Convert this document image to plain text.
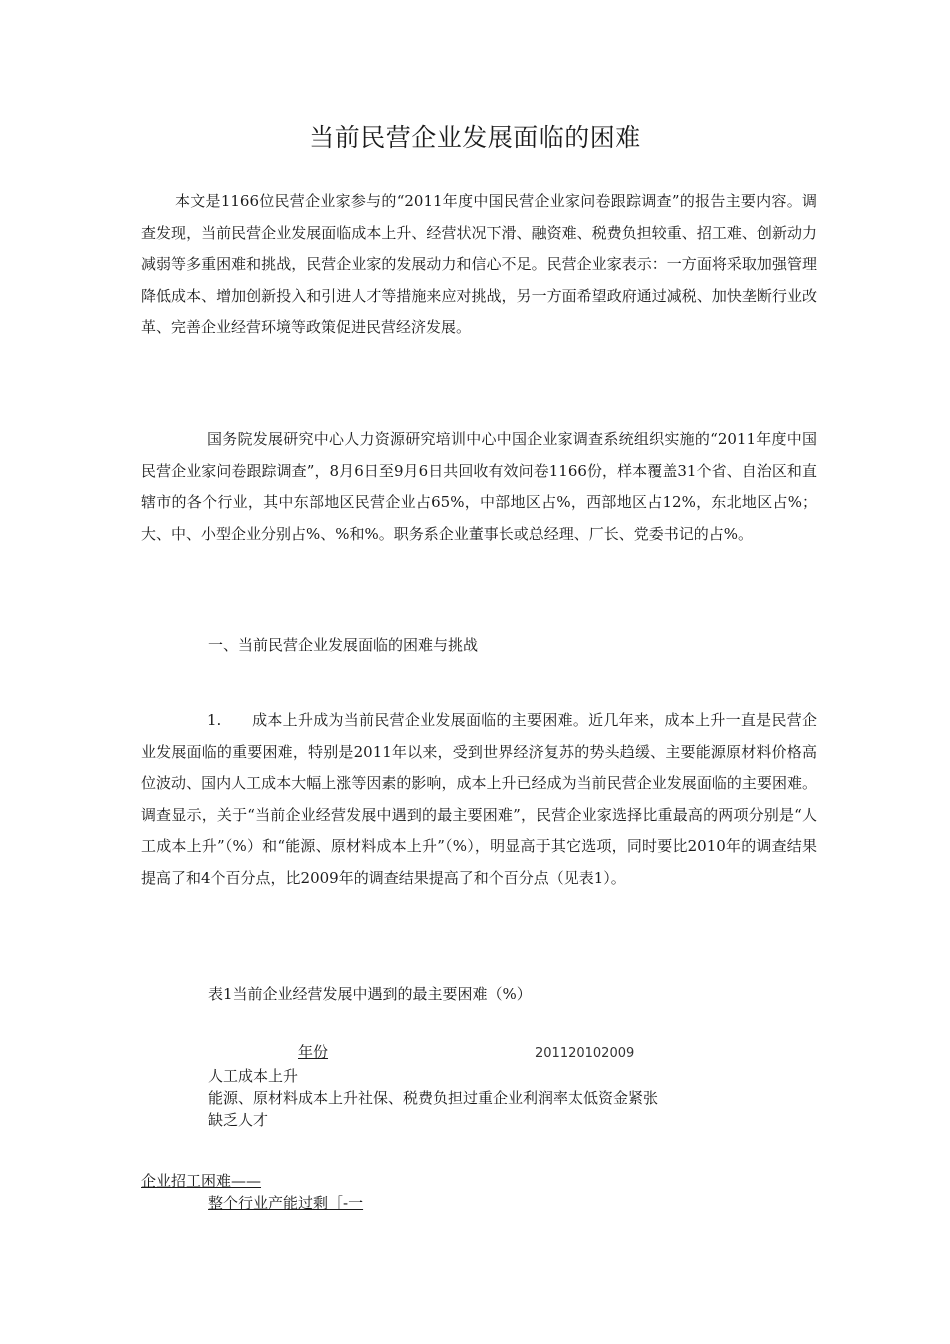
当前民营企业发展面临的困难
本文是1166位民营企业家参与的“2011年度中国民营企业家问卷跟踪调查”的报告主要内容。调查发现，当前民营企业发展面临成本上升、经营状况下滑、融资难、税费负担较重、招工难、创新动力减弱等多重困难和挑战，民营企业家的发展动力和信心不足。民营企业家表示：一方面将采取加强管理降低成本、增加创新投入和引进人才等措施来应对挑战，另一方面希望政府通过减税、加快垄断行业改革、完善企业经营环境等政策促进民营经济发展。
国务院发展研究中心人力资源研究培训中心中国企业家调查系统组织实施的“2011年度中国民营企业家问卷跟踪调查”，8月6日至9月6日共回收有效问卷1166份，样本覆盖31个省、自治区和直辖市的各个行业，其中东部地区民营企业占65%，中部地区占%，西部地区占12%，东北地区占%；大、中、小型企业分别占%、%和%。职务系企业董事长或总经理、厂长、党委书记的占%。
一、当前民营企业发展面临的困难与挑战
1.　　成本上升成为当前民营企业发展面临的主要困难。近几年来，成本上升一直是民营企业发展面临的重要困难，特别是2011年以来，受到世界经济复苏的势头趋缓、主要能源原材料价格高位波动、国内人工成本大幅上涨等因素的影响，成本上升已经成为当前民营企业发展面临的主要困难。调查显示，关于“当前企业经营发展中遇到的最主要困难”，民营企业家选择比重最高的两项分别是“人工成本上升”（%）和“能源、原材料成本上升”（%），明显高于其它选项，同时要比2010年的调查结果提高了和4个百分点，比2009年的调查结果提高了和个百分点（见表1）。
表1当前企业经营发展中遇到的最主要困难（%）
年份	201120102009
人工成本上升
能源、原材料成本上升社保、税费负担过重企业利润率太低资金紧张
缺乏人才
企业招工困难——
整个行业产能过剩［-一
